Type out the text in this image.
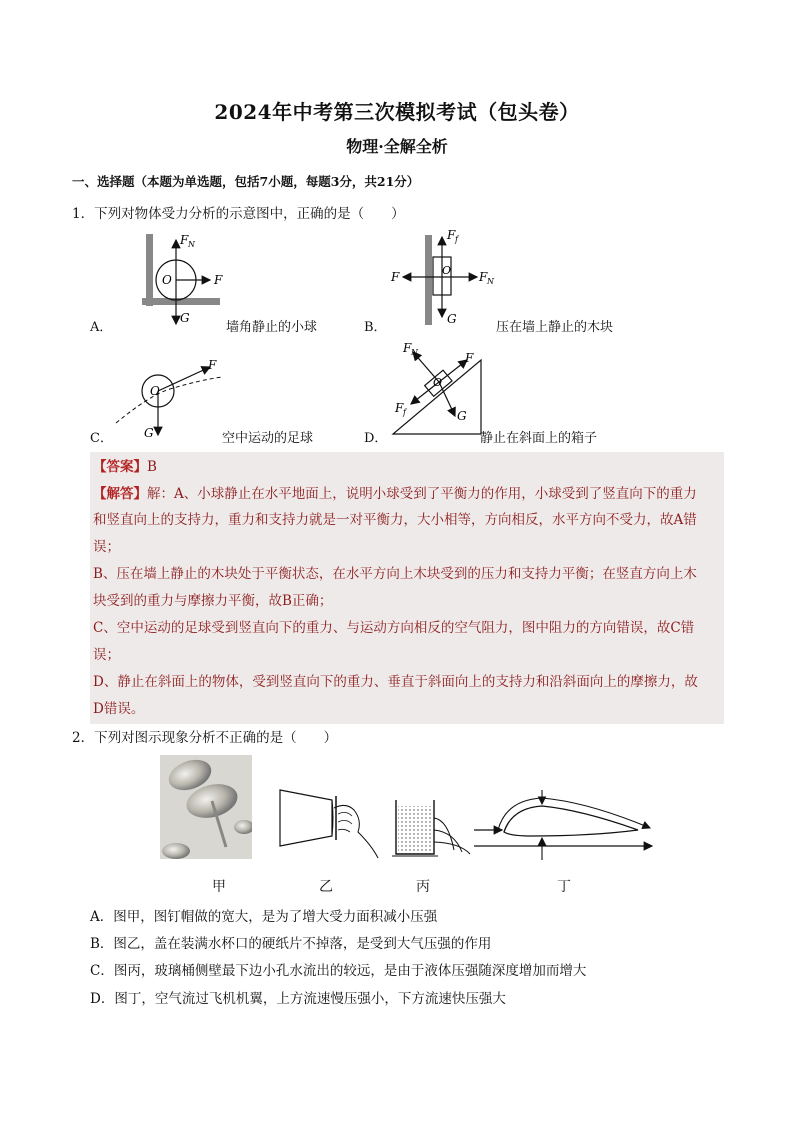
2024年中考第三次模拟考试（包头卷）
物理·全解全析
一、选择题（本题为单选题，包括7小题，每题3分，共21分）
1．下列对物体受力分析的示意图中，正确的是（　　）
F N
O	F
G
A．	墙角静止的小球
F f
O
F	F N
G
B．	压在墙上静止的木块
O
F
G
C．	空中运动的足球
O
F N	F
F f	G
D．	静止在斜面上的箱子
【答案】B
【解答】解：A、小球静止在水平地面上，说明小球受到了平衡力的作用，小球受到了竖直向下的重力
和竖直向上的支持力，重力和支持力就是一对平衡力，大小相等，方向相反，水平方向不受力，故A错
误；
B、压在墙上静止的木块处于平衡状态，在水平方向上木块受到的压力和支持力平衡；在竖直方向上木
块受到的重力与摩擦力平衡，故B正确；
C、空中运动的足球受到竖直向下的重力、与运动方向相反的空气阻力，图中阻力的方向错误，故C错
误；
D、静止在斜面上的物体，受到竖直向下的重力、垂直于斜面向上的支持力和沿斜面向上的摩擦力，故
D错误。
2．下列对图示现象分析不正确的是（　　）
甲	乙	丙	丁
A．图甲，图钉帽做的宽大，是为了增大受力面积减小压强
B．图乙，盖在装满水杯口的硬纸片不掉落，是受到大气压强的作用
C．图丙，玻璃桶侧壁最下边小孔水流出的较远，是由于液体压强随深度增加而增大
D．图丁，空气流过飞机机翼，上方流速慢压强小，下方流速快压强大
